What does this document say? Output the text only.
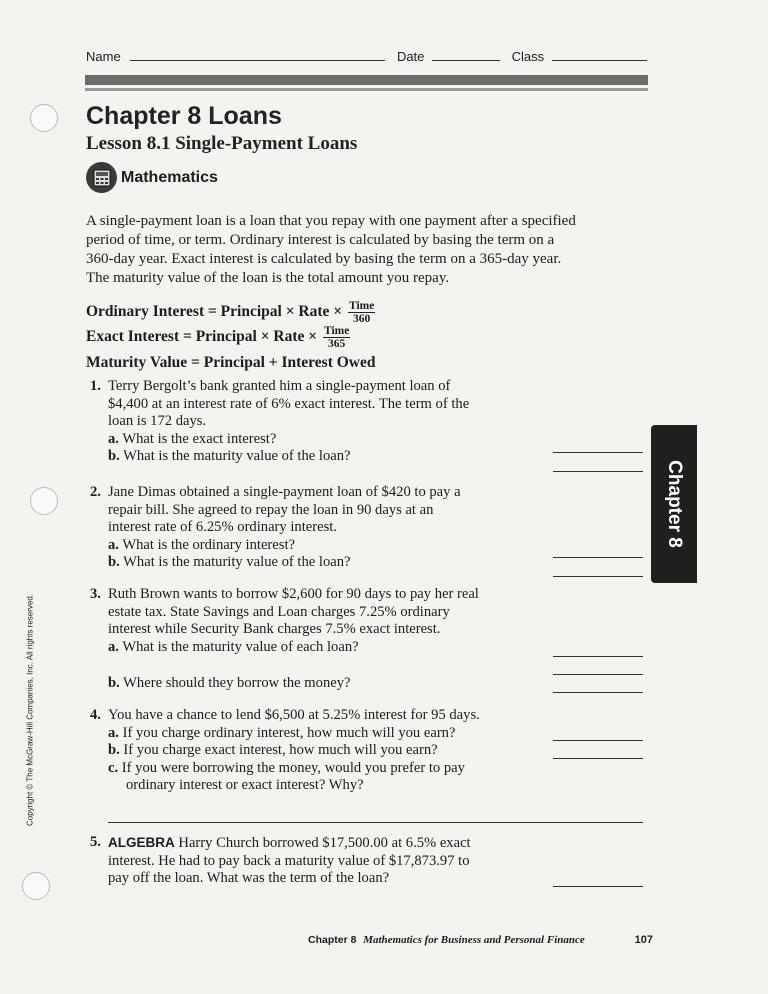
Name	Date	Class
Chapter 8 Loans
Lesson 8.1 Single-Payment Loans
Mathematics
A single-payment loan is a loan that you repay with one payment after a specified
period of time, or term. Ordinary interest is calculated by basing the term on a
360-day year. Exact interest is calculated by basing the term on a 365-day year.
The maturity value of the loan is the total amount you repay.
Ordinary Interest = Principal × Rate × $\frac{\text{Time}}{360}$
Exact Interest = Principal × Rate × $\frac{\text{Time}}{365}$
Maturity Value = Principal + Interest Owed
1. Terry Bergolt’s bank granted him a single-payment loan of
$4,400 at an interest rate of 6% exact interest. The term of the
loan is 172 days.
a. What is the exact interest?
b. What is the maturity value of the loan?
2. Jane Dimas obtained a single-payment loan of $420 to pay a
repair bill. She agreed to repay the loan in 90 days at an
interest rate of 6.25% ordinary interest.
a. What is the ordinary interest?
b. What is the maturity value of the loan?
3. Ruth Brown wants to borrow $2,600 for 90 days to pay her real
estate tax. State Savings and Loan charges 7.25% ordinary
interest while Security Bank charges 7.5% exact interest.
a. What is the maturity value of each loan?
b. Where should they borrow the money?
4. You have a chance to lend $6,500 at 5.25% interest for 95 days.
a. If you charge ordinary interest, how much will you earn?
b. If you charge exact interest, how much will you earn?
c. If you were borrowing the money, would you prefer to pay
ordinary interest or exact interest? Why?
5. ALGEBRA Harry Church borrowed $17,500.00 at 6.5% exact
interest. He had to pay back a maturity value of $17,873.97 to
pay off the loan. What was the term of the loan?
Chapter 8
Copyright © The McGraw-Hill Companies, Inc. All rights reserved.
Chapter 8 Mathematics for Business and Personal Finance	107
